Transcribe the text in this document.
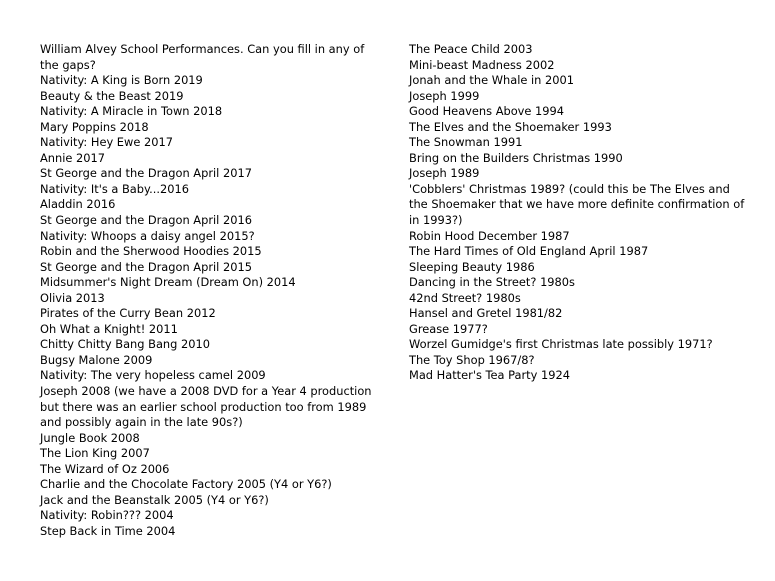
William Alvey School Performances. Can you fill in any of the gaps?
Nativity: A King is Born 2019
Beauty & the Beast 2019
Nativity: A Miracle in Town 2018
Mary Poppins 2018
Nativity: Hey Ewe 2017
Annie 2017
St George and the Dragon April 2017
Nativity: It's a Baby...2016
Aladdin 2016
St George and the Dragon April 2016
Nativity: Whoops a daisy angel 2015?
Robin and the Sherwood Hoodies 2015
St George and the Dragon April 2015
Midsummer's Night Dream (Dream On) 2014
Olivia 2013
Pirates of the Curry Bean 2012
Oh What a Knight! 2011
Chitty Chitty Bang Bang 2010
Bugsy Malone 2009
Nativity: The very hopeless camel 2009
Joseph 2008 (we have a 2008 DVD for a Year 4 production but there was an earlier school production too from 1989 and possibly again in the late 90s?)
Jungle Book 2008
The Lion King 2007
The Wizard of Oz 2006
Charlie and the Chocolate Factory 2005 (Y4 or Y6?)
Jack and the Beanstalk 2005 (Y4 or Y6?)
Nativity: Robin??? 2004
Step Back in Time 2004
The Peace Child 2003
Mini-beast Madness 2002
Jonah and the Whale in 2001
Joseph 1999
Good Heavens Above 1994
The Elves and the Shoemaker 1993
The Snowman 1991
Bring on the Builders Christmas 1990
Joseph 1989
'Cobblers' Christmas 1989? (could this be The Elves and the Shoemaker that we have more definite confirmation of in 1993?)
Robin Hood December 1987
The Hard Times of Old England April 1987
Sleeping Beauty 1986
Dancing in the Street? 1980s
42nd Street? 1980s
Hansel and Gretel 1981/82
Grease 1977?
Worzel Gumidge's first Christmas late possibly 1971?
The Toy Shop 1967/8?
Mad Hatter's Tea Party 1924
